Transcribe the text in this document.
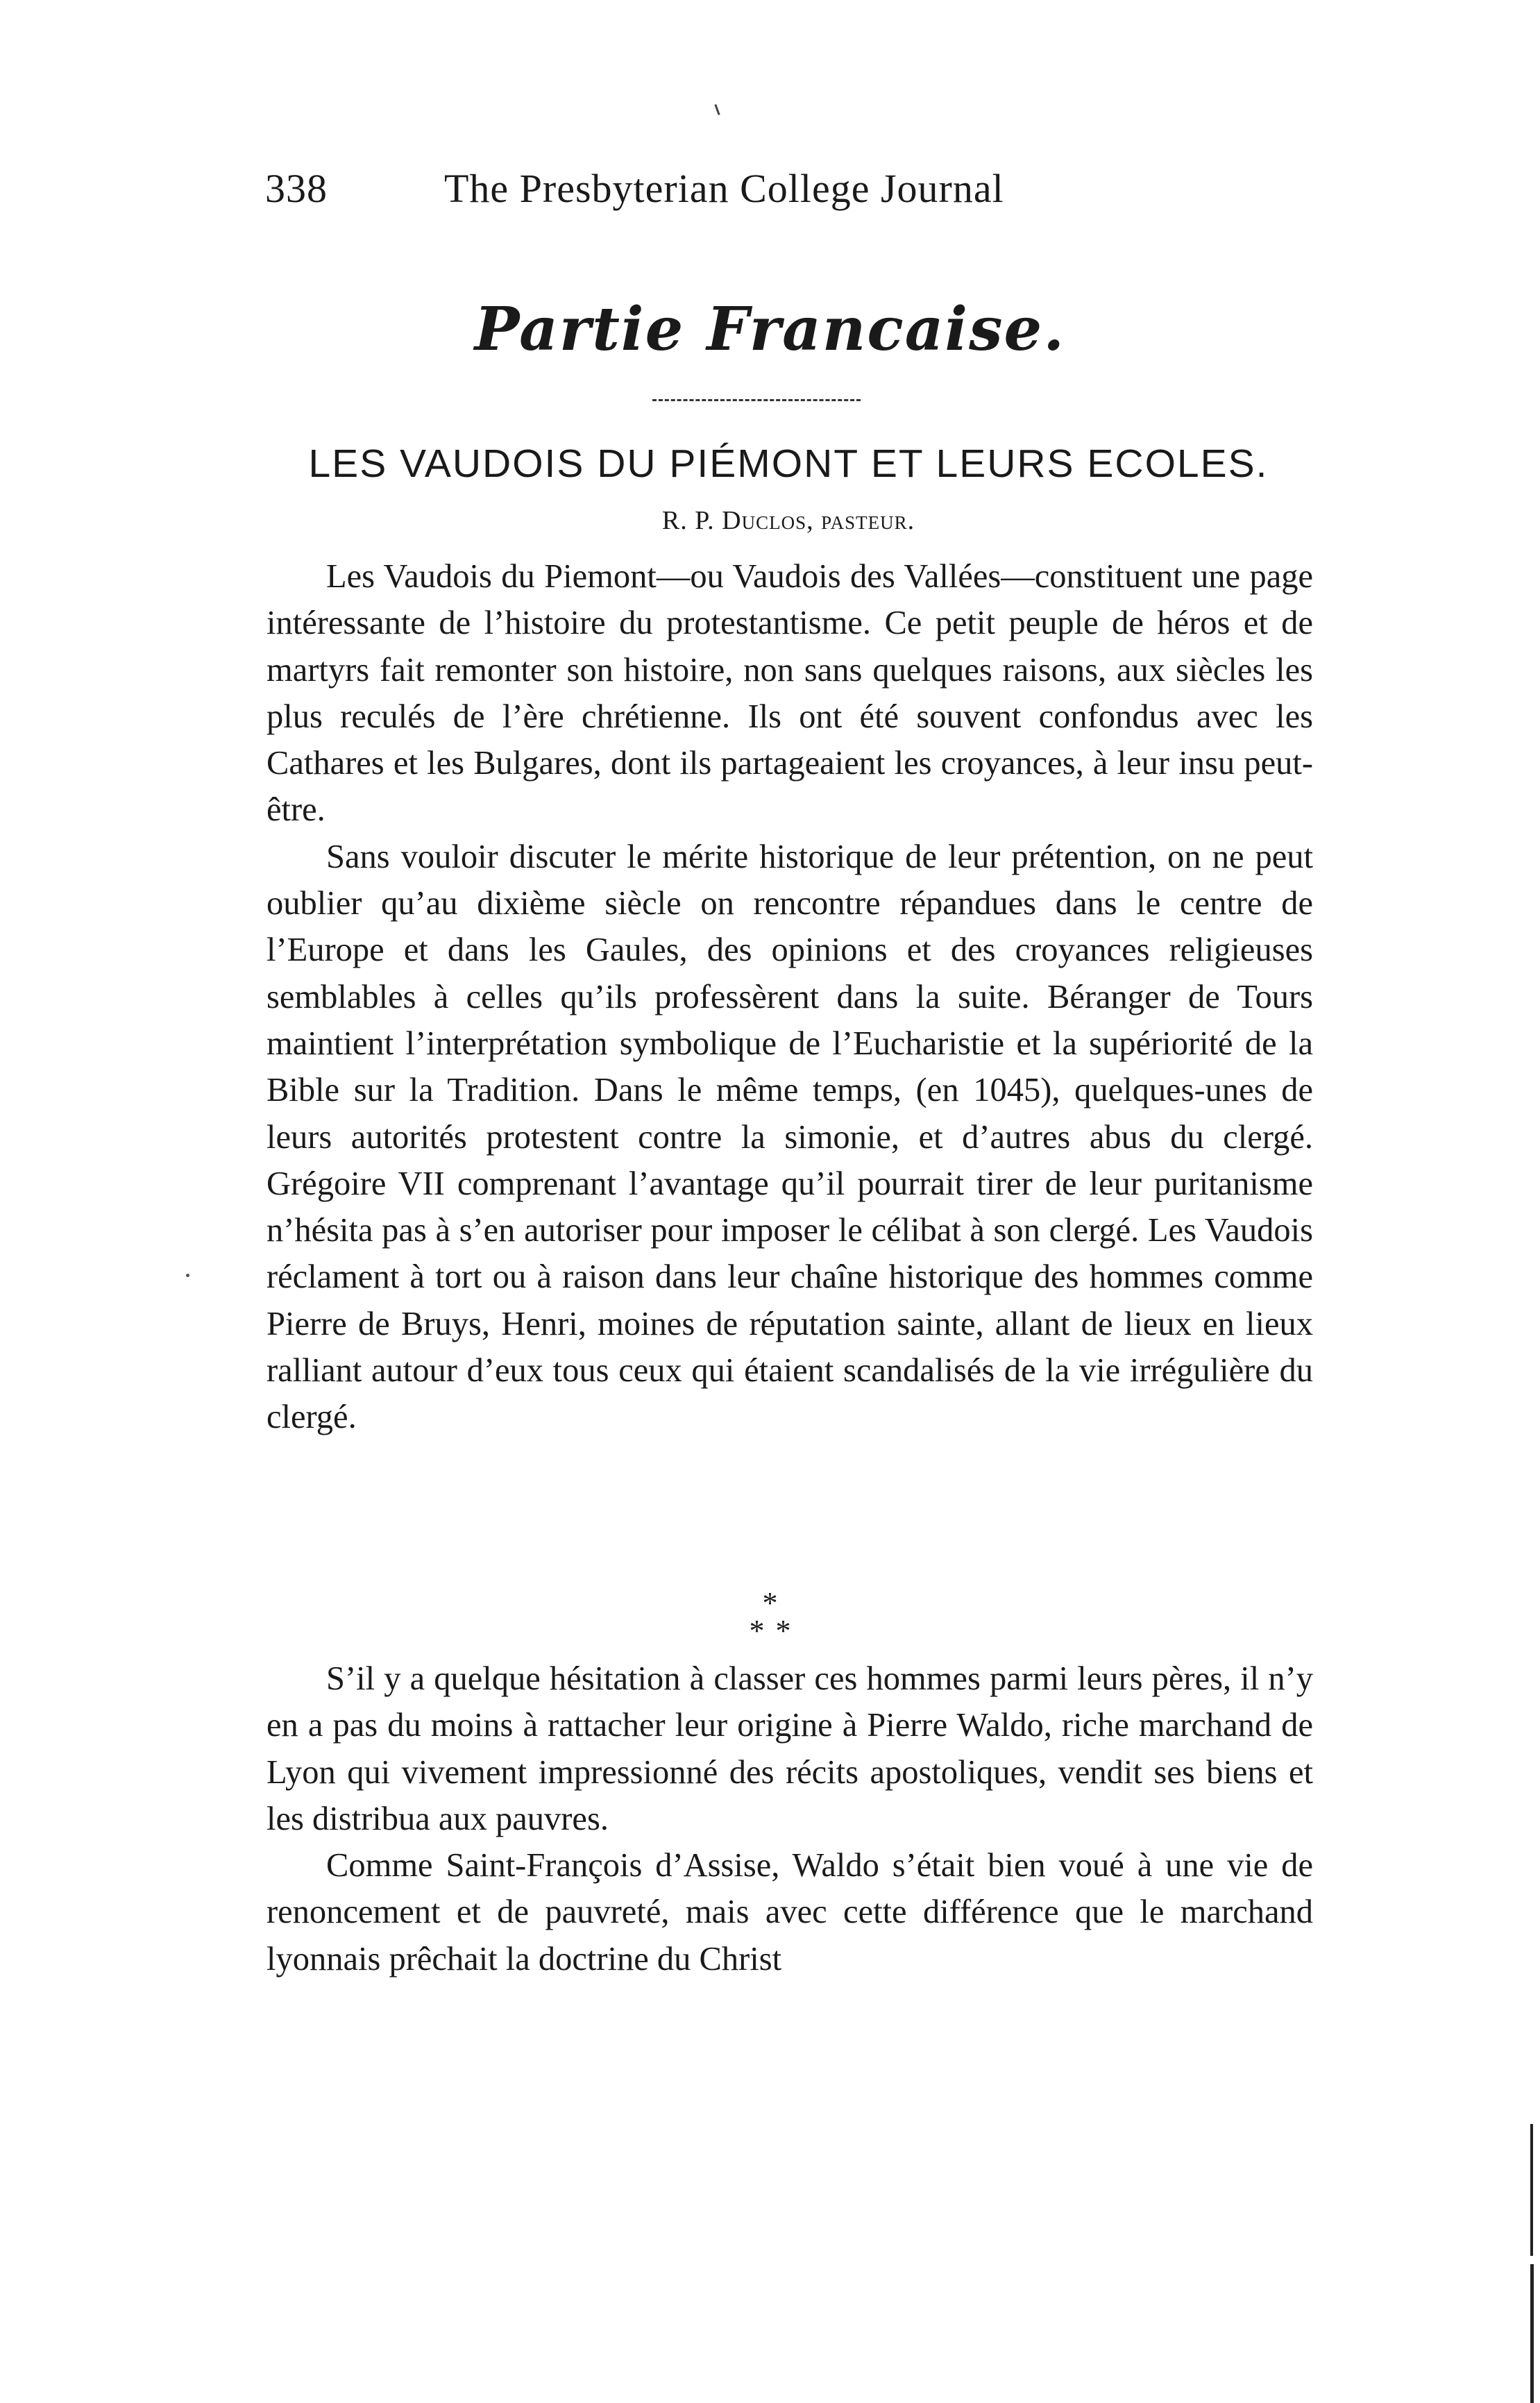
338	The Presbyterian College Journal
Partie Francaise.
LES VAUDOIS DU PIÉMONT ET LEURS ECOLES.
R. P. Duclos, pasteur.

Les Vaudois du Piemont—ou Vaudois des Vallées—constituent une page intéressante de l’histoire du protestantisme. Ce petit peuple de héros et de martyrs fait remonter son histoire, non sans quelques raisons, aux siècles les plus reculés de l’ère chrétienne. Ils ont été souvent confondus avec les Cathares et les Bulgares, dont ils partageaient les croyances, à leur insu peut-être.

Sans vouloir discuter le mérite historique de leur prétention, on ne peut oublier qu’au dixième siècle on rencontre répandues dans le centre de l’Europe et dans les Gaules, des opinions et des croyances religieuses semblables à celles qu’ils professèrent dans la suite. Béranger de Tours maintient l’interprétation symbolique de l’Eucharistie et la supériorité de la Bible sur la Tradition. Dans le même temps, (en 1045), quelques-unes de leurs autorités protestent contre la simonie, et d’autres abus du clergé. Grégoire VII comprenant l’avantage qu’il pourrait tirer de leur puritanisme n’hésita pas à s’en autoriser pour imposer le célibat à son clergé. Les Vaudois réclament à tort ou à raison dans leur chaîne historique des hommes comme Pierre de Bruys, Henri, moines de réputation sainte, allant de lieux en lieux ralliant autour d’eux tous ceux qui étaient scandalisés de la vie irrégulière du clergé.

*
**

S’il y a quelque hésitation à classer ces hommes parmi leurs pères, il n’y en a pas du moins à rattacher leur origine à Pierre Waldo, riche marchand de Lyon qui vivement impressionné des récits apostoliques, vendit ses biens et les distribua aux pauvres.

Comme Saint-François d’Assise, Waldo s’était bien voué à une vie de renoncement et de pauvreté, mais avec cette différence que le marchand lyonnais prêchait la doctrine du Christ
